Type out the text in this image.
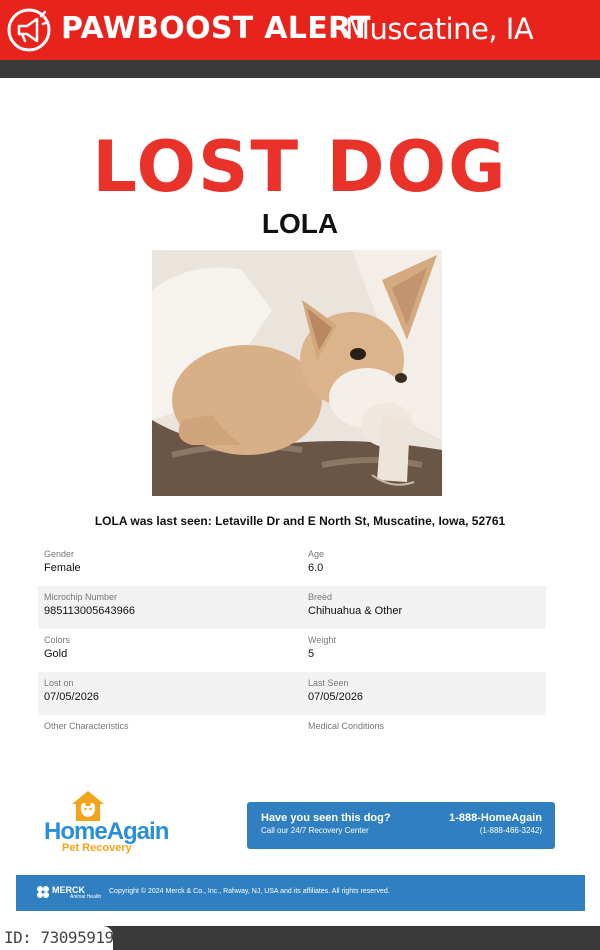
PAWBOOST ALERT
Muscatine, IA
LOST DOG
LOLA
LOLA was last seen: Letaville Dr and E North St, Muscatine, Iowa, 52761
Gender
Female
Age
6.0
Microchip Number
985113005643966
Breed
Chihuahua & Other
Colors
Gold
Weight
5
Lost on
07/05/2026
Last Seen
07/05/2026
Other Characteristics	Medical Conditions
HomeAgain
Pet Recovery
Have you seen this dog?
Call our 24/7 Recovery Center
1-888-HomeAgain
(1-888-466-3242)
MERCK
Animal Health
Copyright © 2024 Merck & Co., Inc., Rahway, NJ, USA and its affiliates. All rights reserved.
ID: 73095919
